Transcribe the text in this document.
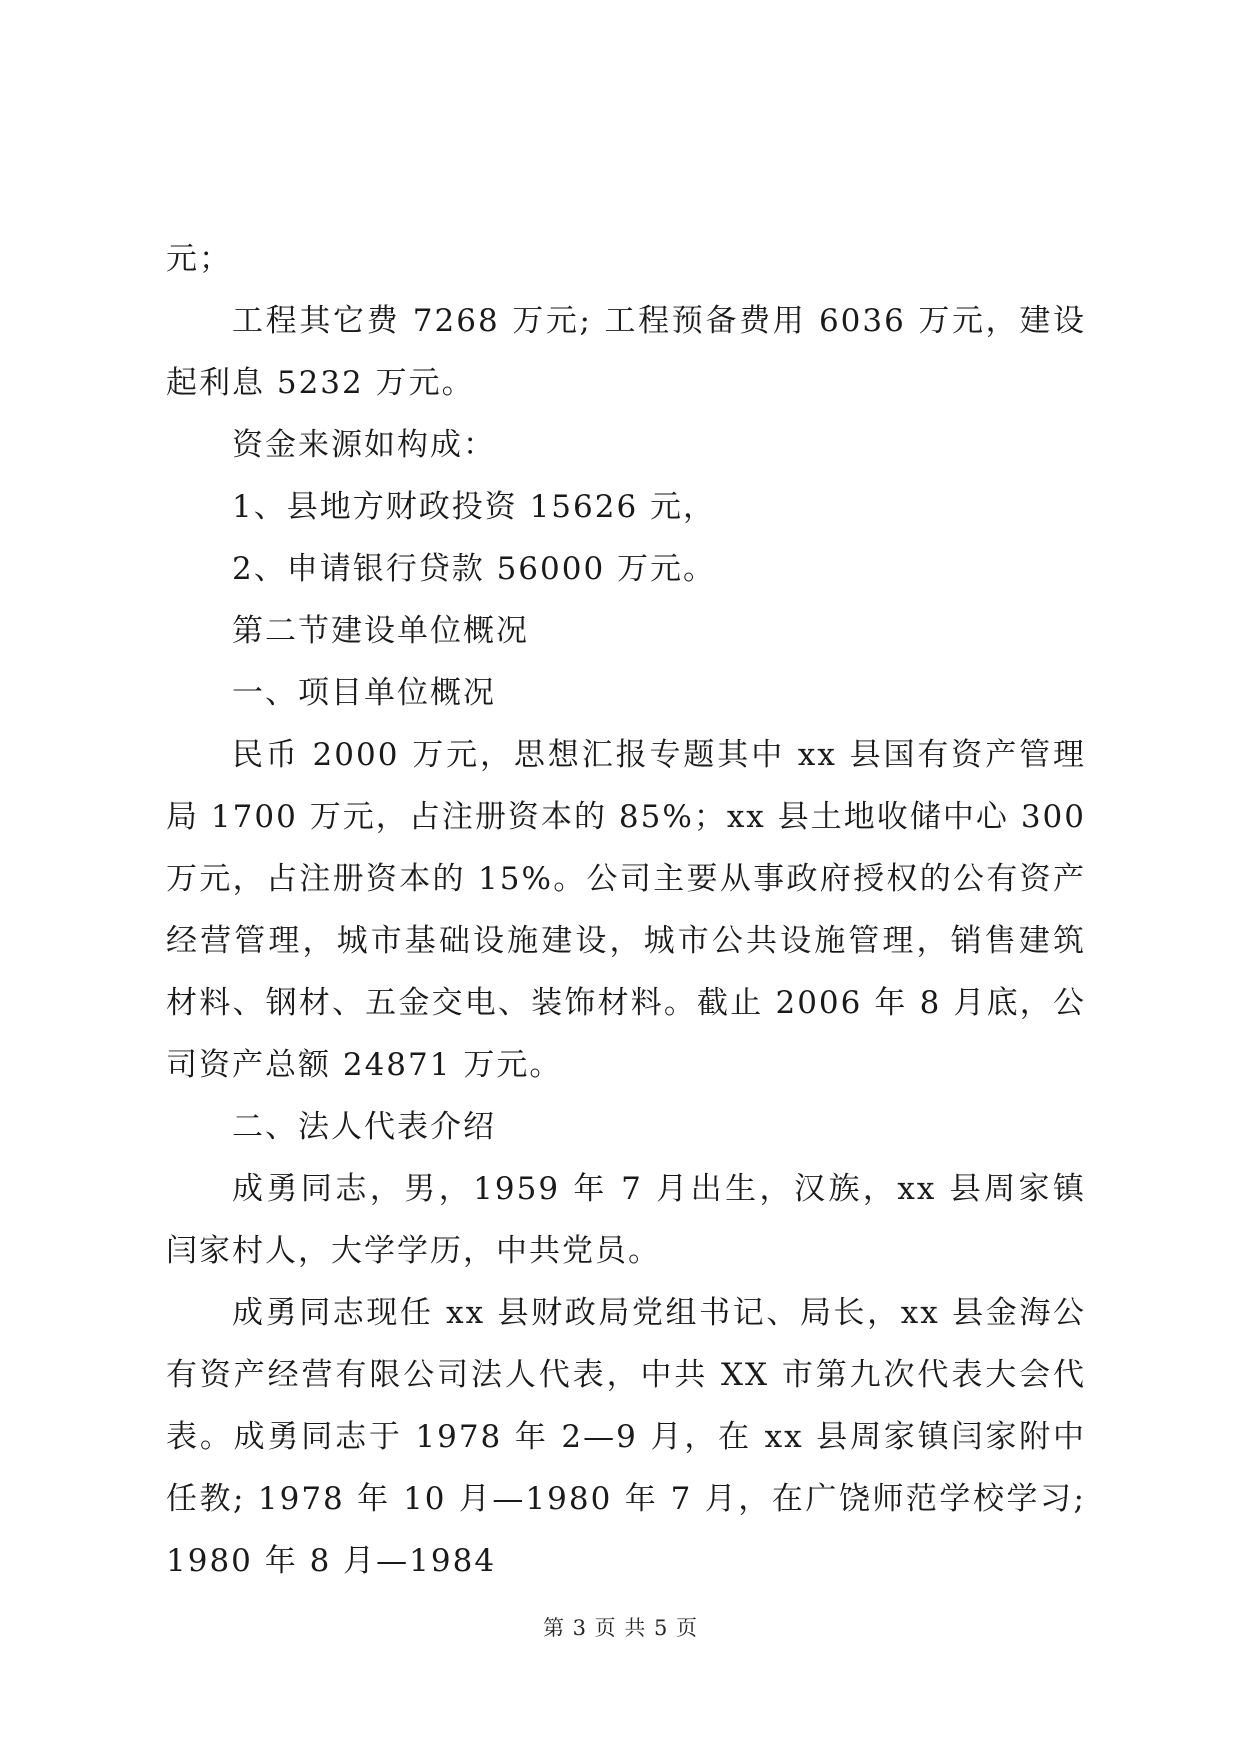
元；

工程其它费 7268 万元; 工程预备费用 6036 万元，建设起利息 5232 万元。

资金来源如构成：

1、县地方财政投资 15626 元，

2、申请银行贷款 56000 万元。

第二节建设单位概况

一、项目单位概况

民币 2000 万元，思想汇报专题其中 xx 县国有资产管理局 1700 万元，占注册资本的 85%；xx 县土地收储中心 300 万元，占注册资本的 15%。公司主要从事政府授权的公有资产经营管理，城市基础设施建设，城市公共设施管理，销售建筑材料、钢材、五金交电、装饰材料。截止 2006 年 8 月底，公司资产总额 24871 万元。

二、法人代表介绍

成勇同志，男，1959 年 7 月出生，汉族，xx 县周家镇闫家村人，大学学历，中共党员。

成勇同志现任 xx 县财政局党组书记、局长，xx 县金海公有资产经营有限公司法人代表，中共 XX 市第九次代表大会代表。成勇同志于 1978 年 2—9 月，在 xx 县周家镇闫家附中任教; 1978 年 10 月—1980 年 7 月，在广饶师范学校学习; 1980 年 8 月—1984

第 3 页 共 5 页
